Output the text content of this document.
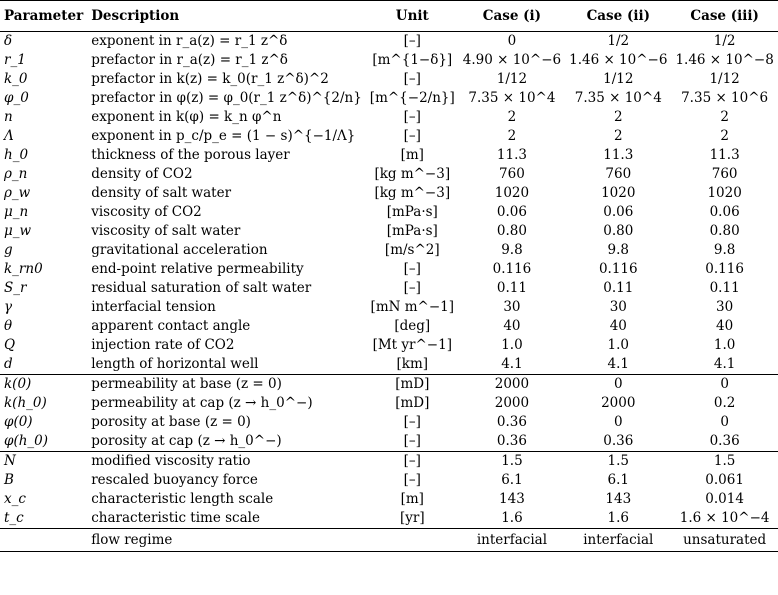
Parameter	Description	Unit	Case (i)	Case (ii)	Case (iii)
δ	exponent in r_a(z) = r_1 z^δ	[–]	0	1/2	1/2
r_1	prefactor in r_a(z) = r_1 z^δ	[m^{1−δ}]	4.90 × 10^−6	1.46 × 10^−6	1.46 × 10^−8
k_0	prefactor in k(z) = k_0(r_1 z^δ)^2	[–]	1/12	1/12	1/12
φ_0	prefactor in φ(z) = φ_0(r_1 z^δ)^{2/n}	[m^{−2/n}]	7.35 × 10^4	7.35 × 10^4	7.35 × 10^6
n	exponent in k(φ) = k_n φ^n	[–]	2	2	2
Λ	exponent in p_c/p_e = (1 − s)^{−1/Λ}	[–]	2	2	2
h_0	thickness of the porous layer	[m]	11.3	11.3	11.3
ρ_n	density of CO2	[kg m^−3]	760	760	760
ρ_w	density of salt water	[kg m^−3]	1020	1020	1020
μ_n	viscosity of CO2	[mPa·s]	0.06	0.06	0.06
μ_w	viscosity of salt water	[mPa·s]	0.80	0.80	0.80
g	gravitational acceleration	[m/s^2]	9.8	9.8	9.8
k_rn0	end-point relative permeability	[–]	0.116	0.116	0.116
S_r	residual saturation of salt water	[–]	0.11	0.11	0.11
γ	interfacial tension	[mN m^−1]	30	30	30
θ	apparent contact angle	[deg]	40	40	40
Q	injection rate of CO2	[Mt yr^−1]	1.0	1.0	1.0
d	length of horizontal well	[km]	4.1	4.1	4.1

k(0)	permeability at base (z = 0)	[mD]	2000	0	0
k(h_0)	permeability at cap (z → h_0^−)	[mD]	2000	2000	0.2
φ(0)	porosity at base (z = 0)	[–]	0.36	0	0
φ(h_0)	porosity at cap (z → h_0^−)	[–]	0.36	0.36	0.36

N	modified viscosity ratio	[–]	1.5	1.5	1.5
B	rescaled buoyancy force	[–]	6.1	6.1	0.061
x_c	characteristic length scale	[m]	143	143	0.014
t_c	characteristic time scale	[yr]	1.6	1.6	1.6 × 10^−4

	flow regime		interfacial	interfacial	unsaturated
